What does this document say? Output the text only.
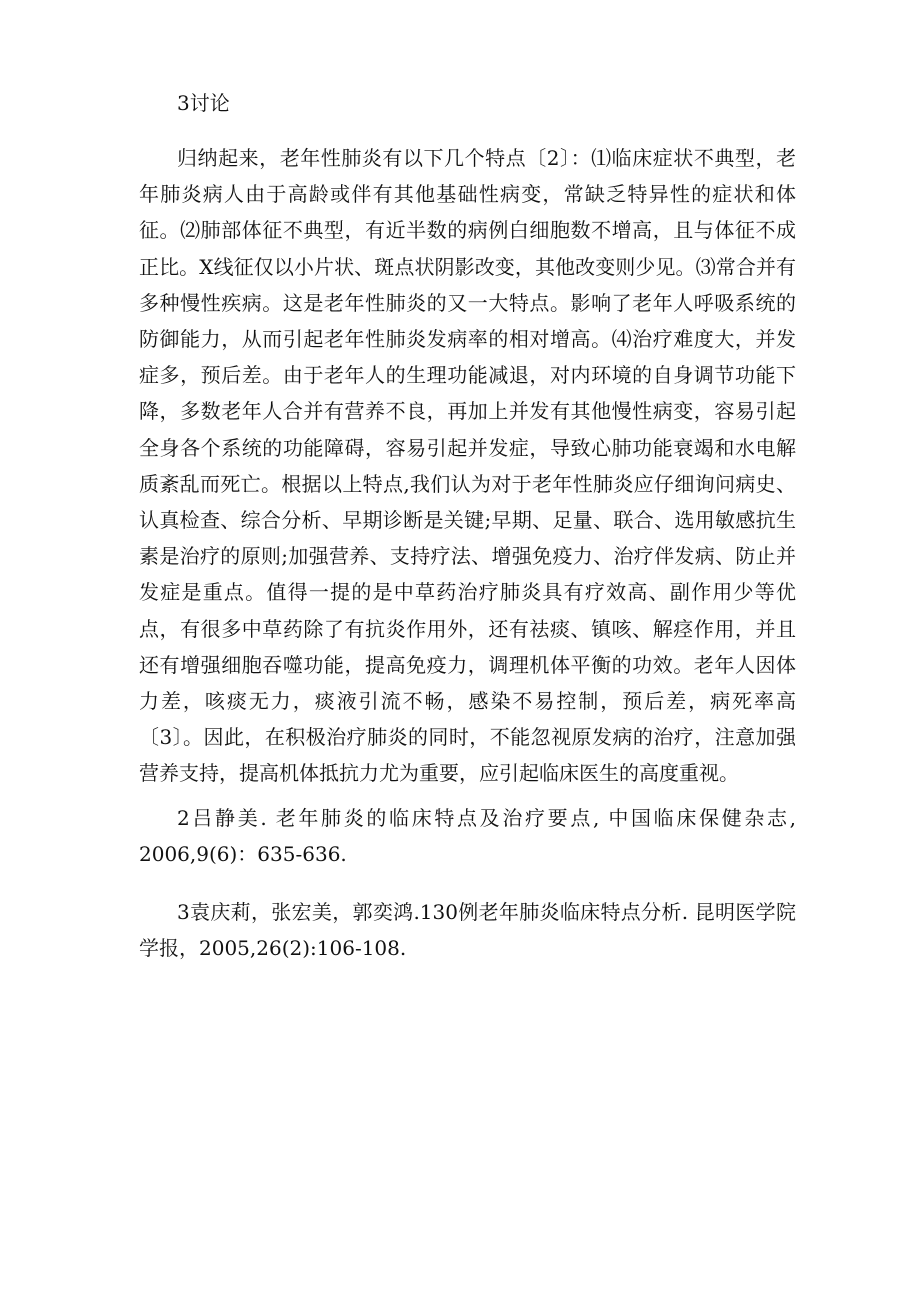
3讨论

归纳起来，老年性肺炎有以下几个特点〔2〕：⑴临床症状不典型，老年肺炎病人由于高龄或伴有其他基础性病变，常缺乏特异性的症状和体征。⑵肺部体征不典型，有近半数的病例白细胞数不增高，且与体征不成正比。X线征仅以小片状、斑点状阴影改变，其他改变则少见。⑶常合并有多种慢性疾病。这是老年性肺炎的又一大特点。影响了老年人呼吸系统的防御能力，从而引起老年性肺炎发病率的相对增高。⑷治疗难度大，并发症多，预后差。由于老年人的生理功能减退，对内环境的自身调节功能下降，多数老年人合并有营养不良，再加上并发有其他慢性病变，容易引起全身各个系统的功能障碍，容易引起并发症，导致心肺功能衰竭和水电解质紊乱而死亡。根据以上特点,我们认为对于老年性肺炎应仔细询问病史、认真检查、综合分析、早期诊断是关键;早期、足量、联合、选用敏感抗生素是治疗的原则;加强营养、支持疗法、增强免疫力、治疗伴发病、防止并发症是重点。值得一提的是中草药治疗肺炎具有疗效高、副作用少等优点，有很多中草药除了有抗炎作用外，还有祛痰、镇咳、解痉作用，并且还有增强细胞吞噬功能，提高免疫力，调理机体平衡的功效。老年人因体力差，咳痰无力，痰液引流不畅，感染不易控制，预后差，病死率高〔3〕。因此，在积极治疗肺炎的同时，不能忽视原发病的治疗，注意加强营养支持，提高机体抵抗力尤为重要，应引起临床医生的高度重视。

2吕静美. 老年肺炎的临床特点及治疗要点, 中国临床保健杂志, 2006,9(6)：635-636.

3袁庆莉，张宏美，郭奕鸿.130例老年肺炎临床特点分析. 昆明医学院学报，2005,26(2):106-108.
